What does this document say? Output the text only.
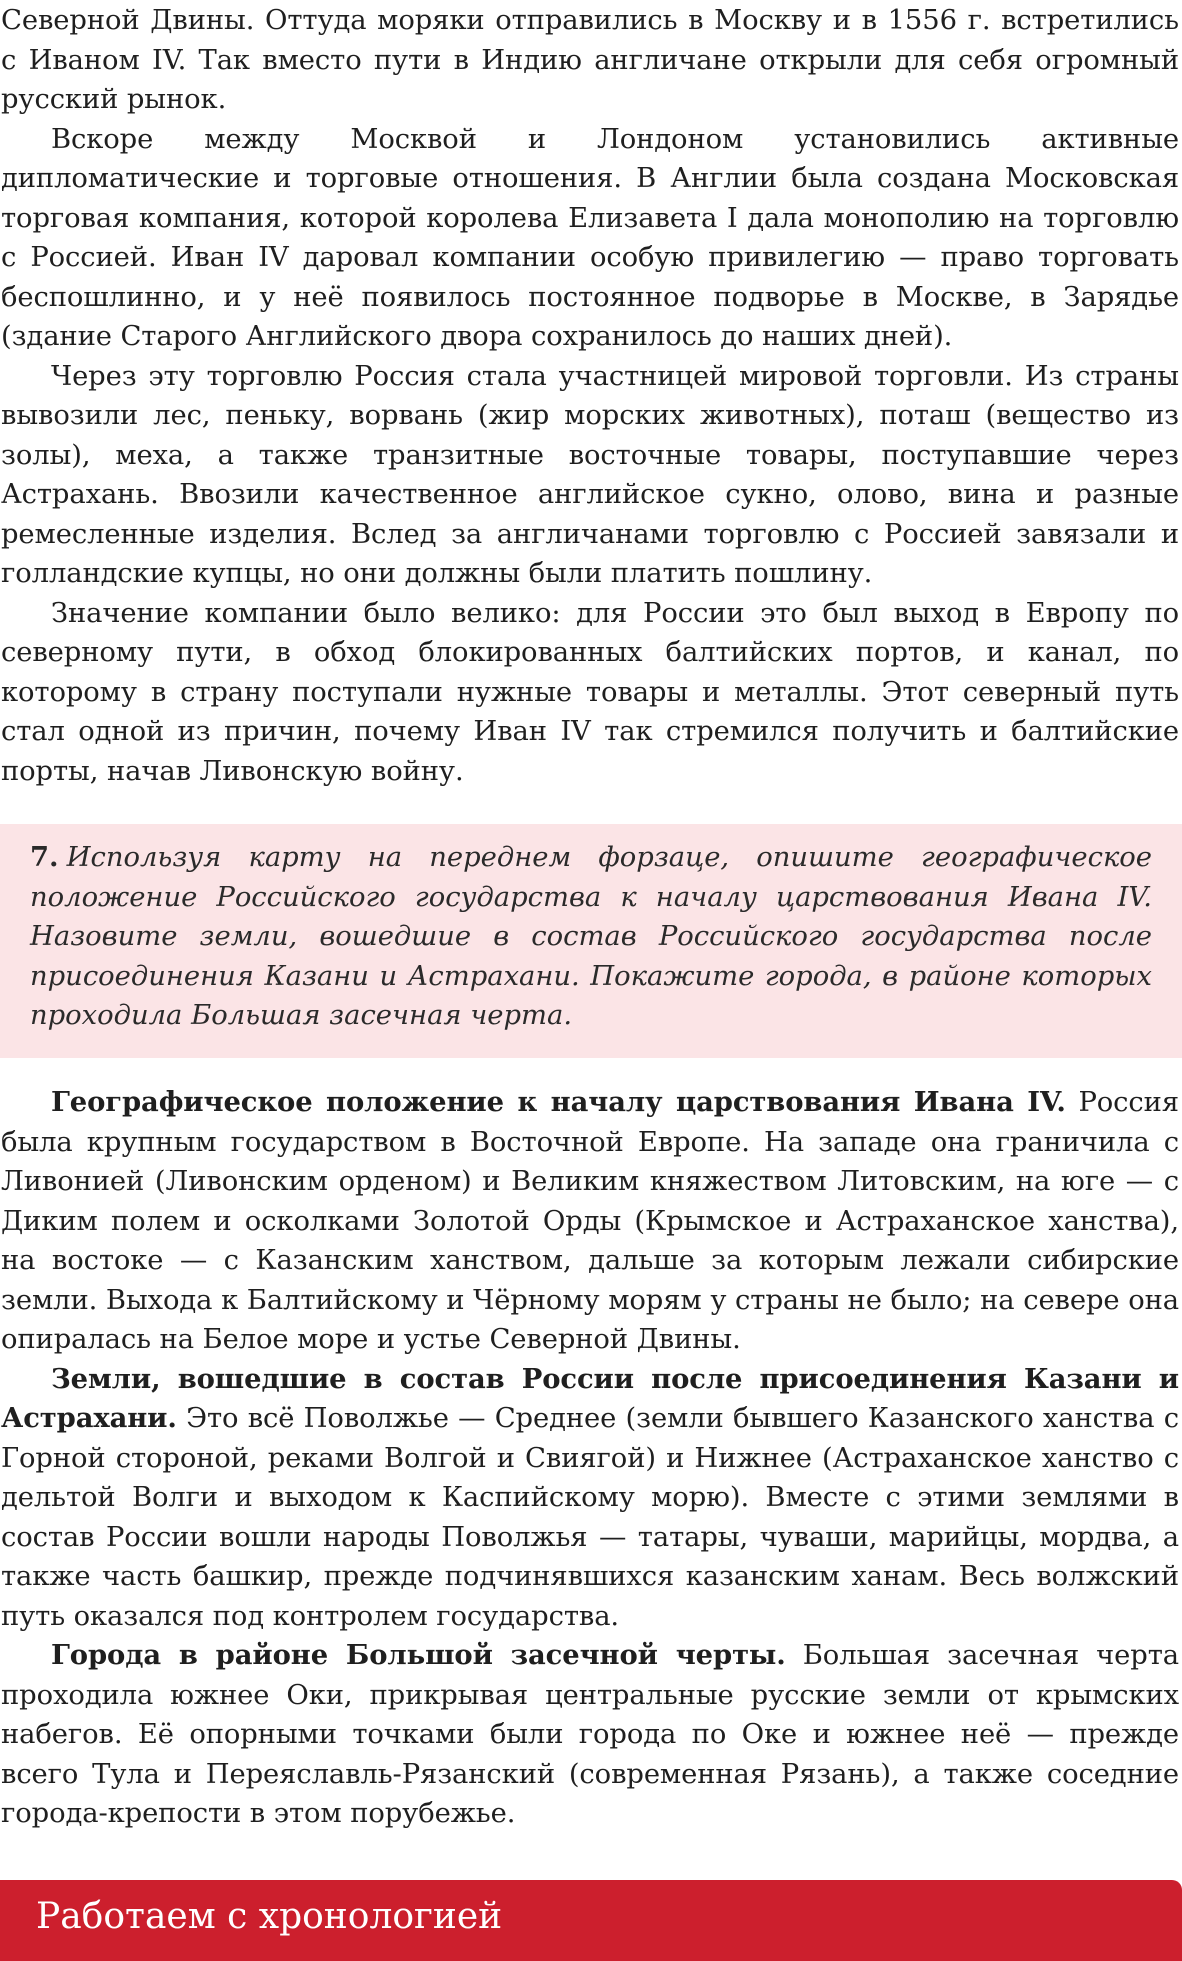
Северной Двины. Оттуда моряки отправились в Москву и в 1556 г. встретились с Иваном IV. Так вместо пути в Индию англичане открыли для себя огромный русский рынок.

Вскоре между Москвой и Лондоном установились активные дипломатические и торговые отношения. В Англии была создана Московская торговая компания, которой королева Елизавета I дала монополию на торговлю с Россией. Иван IV даровал компании особую привилегию — право торговать беспошлинно, и у неё появилось постоянное подворье в Москве, в Зарядье (здание Старого Английского двора сохранилось до наших дней).

Через эту торговлю Россия стала участницей мировой торговли. Из страны вывозили лес, пеньку, ворвань (жир морских животных), поташ (вещество из золы), меха, а также транзитные восточные товары, поступавшие через Астрахань. Ввозили качественное английское сукно, олово, вина и разные ремесленные изделия. Вслед за англичанами торговлю с Россией завязали и голландские купцы, но они должны были платить пошлину.

Значение компании было велико: для России это был выход в Европу по северному пути, в обход блокированных балтийских портов, и канал, по которому в страну поступали нужные товары и металлы. Этот северный путь стал одной из причин, почему Иван IV так стремился получить и балтийские порты, начав Ливонскую войну.

7. Используя карту на переднем форзаце, опишите географическое положение Российского государства к началу царствования Ивана IV. Назовите земли, вошедшие в состав Российского государства после присоединения Казани и Астрахани. Покажите города, в районе которых проходила Большая засечная черта.

Географическое положение к началу царствования Ивана IV. Россия была крупным государством в Восточной Европе. На западе она граничила с Ливонией (Ливонским орденом) и Великим княжеством Литовским, на юге — с Диким полем и осколками Золотой Орды (Крымское и Астраханское ханства), на востоке — с Казанским ханством, дальше за которым лежали сибирские земли. Выхода к Балтийскому и Чёрному морям у страны не было; на севере она опиралась на Белое море и устье Северной Двины.

Земли, вошедшие в состав России после присоединения Казани и Астрахани. Это всё Поволжье — Среднее (земли бывшего Казанского ханства с Горной стороной, реками Волгой и Свиягой) и Нижнее (Астраханское ханство с дельтой Волги и выходом к Каспийскому морю). Вместе с этими землями в состав России вошли народы Поволжья — татары, чуваши, марийцы, мордва, а также часть башкир, прежде подчинявшихся казанским ханам. Весь волжский путь оказался под контролем государства.

Города в районе Большой засечной черты. Большая засечная черта проходила южнее Оки, прикрывая центральные русские земли от крымских набегов. Её опорными точками были города по Оке и южнее неё — прежде всего Тула и Переяславль-Рязанский (современная Рязань), а также соседние города-крепости в этом порубежье.

Работаем с хронологией
